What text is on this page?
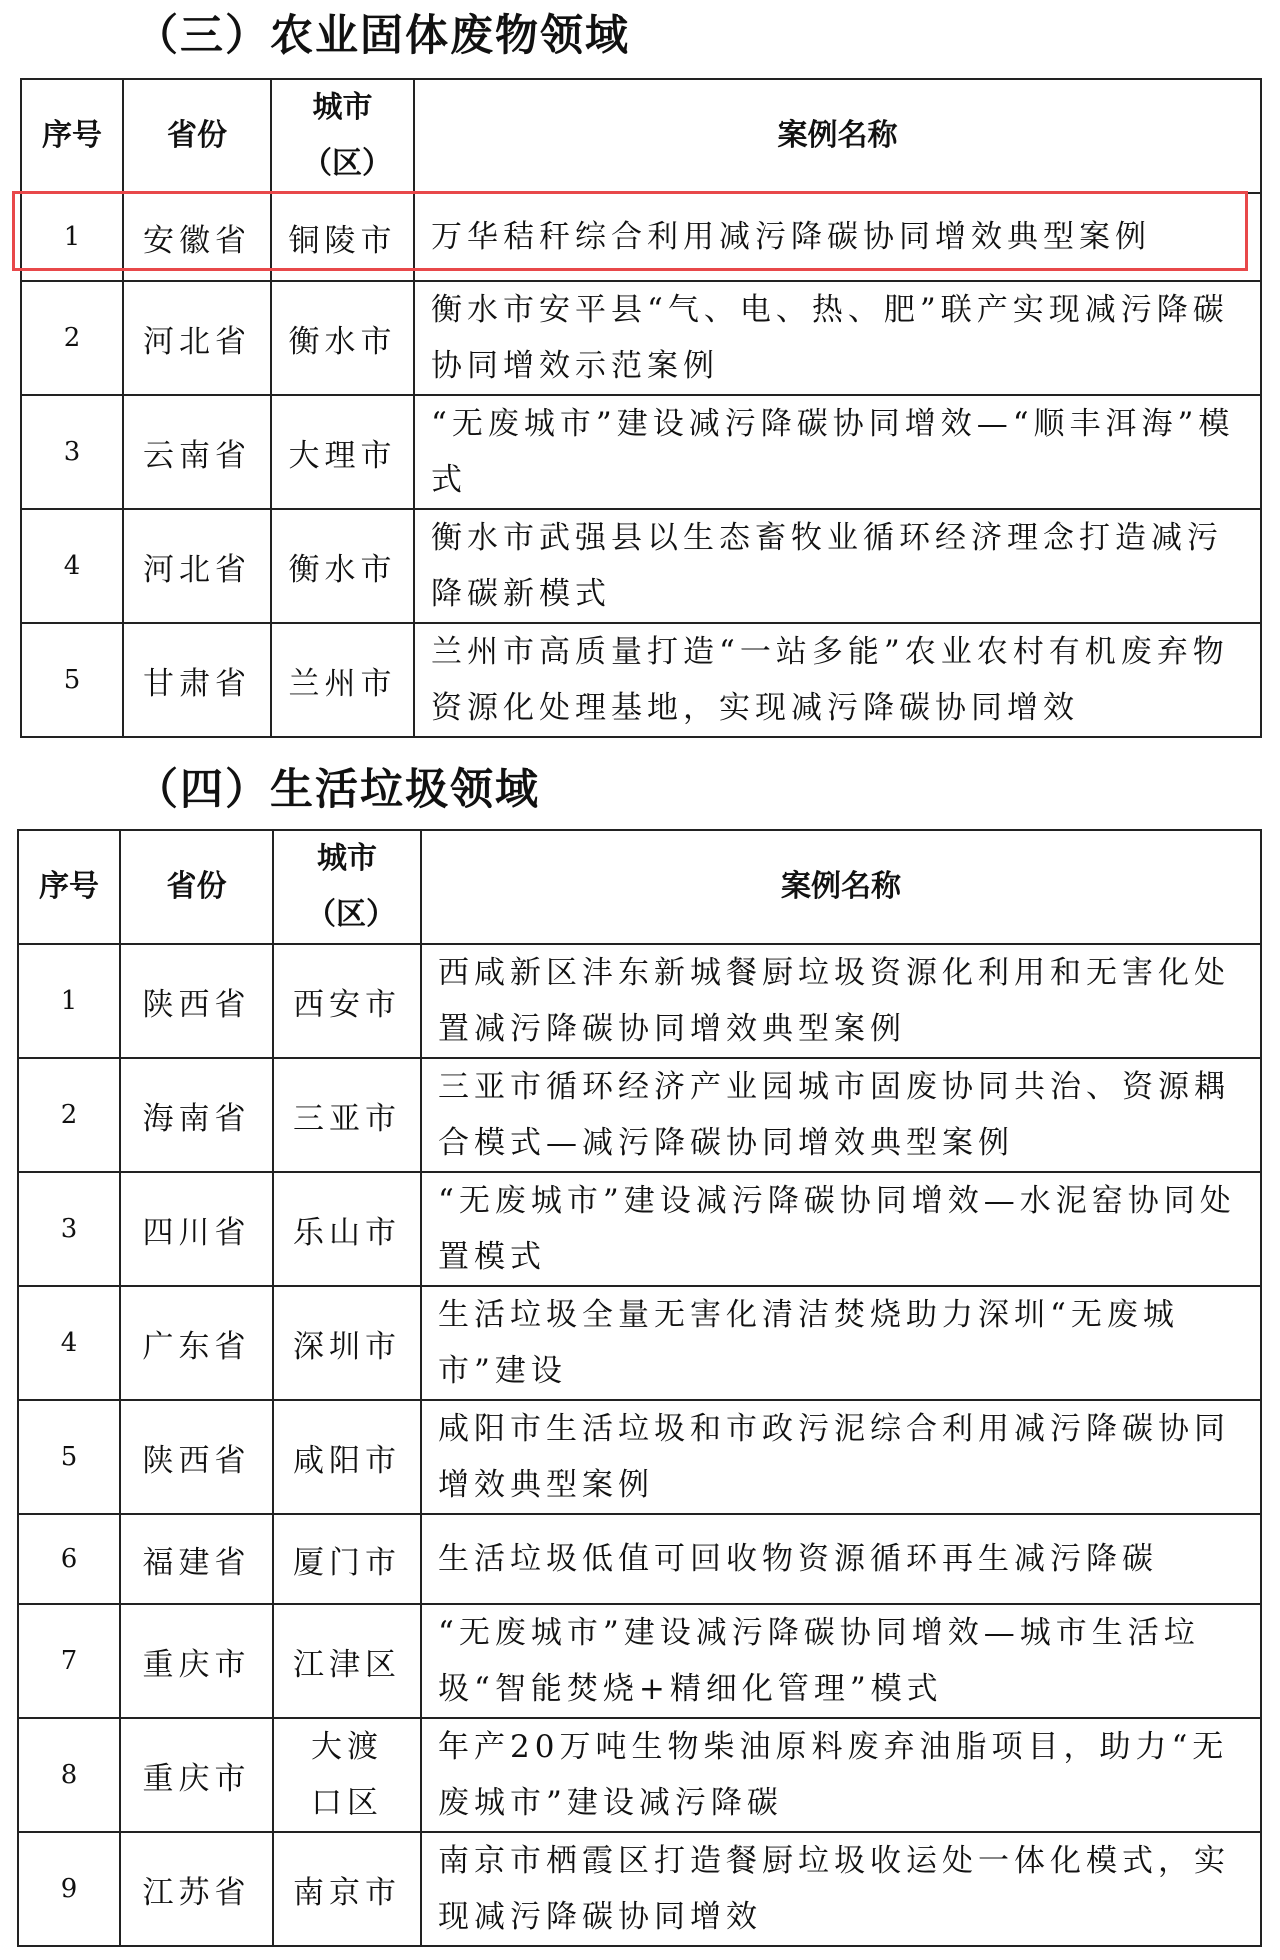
（三）农业固体废物领域
序号	省份	城市（区）	案例名称
1	安徽省	铜陵市	万华秸秆综合利用减污降碳协同增效典型案例
2	河北省	衡水市	衡水市安平县“气、电、热、肥”联产实现减污降碳协同增效示范案例
3	云南省	大理市	“无废城市”建设减污降碳协同增效—“顺丰洱海”模式
4	河北省	衡水市	衡水市武强县以生态畜牧业循环经济理念打造减污降碳新模式
5	甘肃省	兰州市	兰州市高质量打造“一站多能”农业农村有机废弃物资源化处理基地，实现减污降碳协同增效
（四）生活垃圾领域
序号	省份	城市（区）	案例名称
1	陕西省	西安市	西咸新区沣东新城餐厨垃圾资源化利用和无害化处置减污降碳协同增效典型案例
2	海南省	三亚市	三亚市循环经济产业园城市固废协同共治、资源耦合模式—减污降碳协同增效典型案例
3	四川省	乐山市	“无废城市”建设减污降碳协同增效—水泥窑协同处置模式
4	广东省	深圳市	生活垃圾全量无害化清洁焚烧助力深圳“无废城市”建设
5	陕西省	咸阳市	咸阳市生活垃圾和市政污泥综合利用减污降碳协同增效典型案例
6	福建省	厦门市	生活垃圾低值可回收物资源循环再生减污降碳
7	重庆市	江津区	“无废城市”建设减污降碳协同增效—城市生活垃圾“智能焚烧+精细化管理”模式
8	重庆市	大渡口区	年产20万吨生物柴油原料废弃油脂项目，助力“无废城市”建设减污降碳
9	江苏省	南京市	南京市栖霞区打造餐厨垃圾收运处一体化模式，实现减污降碳协同增效
